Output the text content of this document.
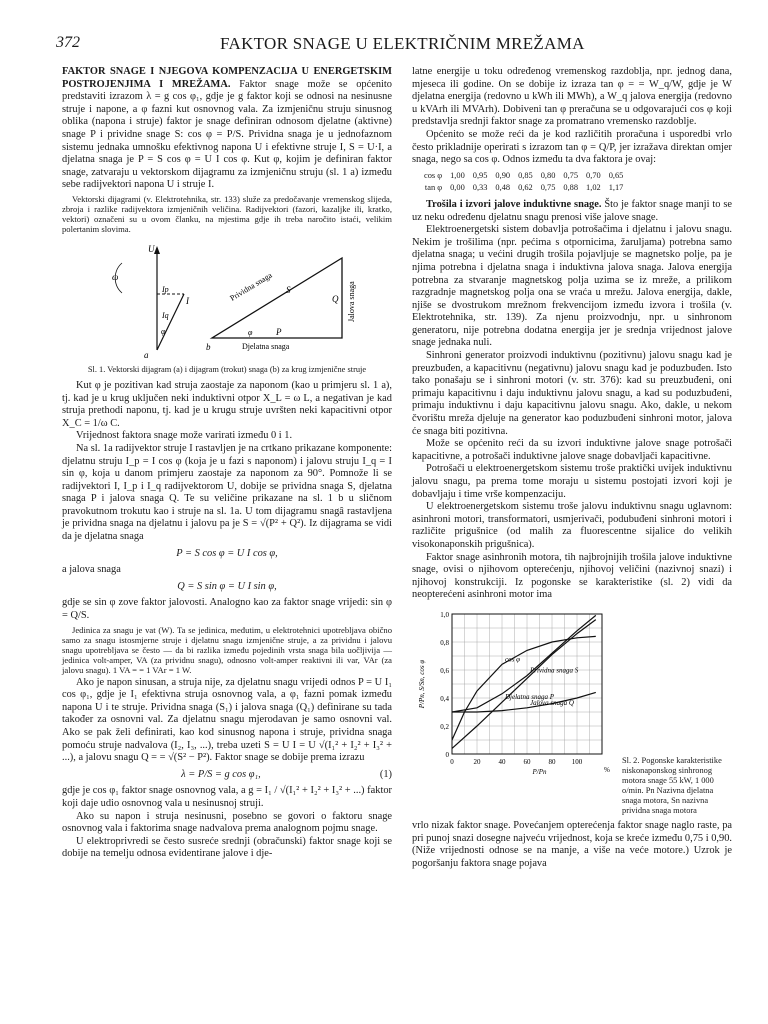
372	FAKTOR SNAGE U ELEKTRIČNIM MREŽAMA

FAKTOR SNAGE I NJEGOVA KOMPENZACIJA U ENERGETSKIM POSTROJENJIMA I MREŽAMA. Faktor snage može se općenito predstaviti izrazom λ = g cos φ₁, gdje je g faktor koji se odnosi na nesinusne struje i napone, a φ fazni kut osnovnog vala. Za izmjeničnu struju sinusnog oblika (napona i struje) faktor je snage definiran odnosom djelatne (aktivne) snage P i prividne snage S: cos φ = P/S. Prividna snaga je u jednofaznom sistemu jednaka umnošku efektivnog napona U i efektivne struje I, S = U·I, a djelatna snaga je P = S cos φ = U I cos φ. Kut φ, kojim je definiran faktor snage, zatvaraju u vektorskom dijagramu za izmjeničnu struju (sl. 1 a) između sebe radijvektori napona U i struje I.

Vektorski dijagrami (v. Elektrotehnika, str. 133) služe za predočavanje vremenskog slijeda, zbroja i razlike radijvektora izmjeničnih veličina. Radijvektori (fazori, kazaljke ili, kratko, vektori) označeni su u ovom članku, na mjestima gdje ih treba naročito istaći, velikim polertanim slovima.

U
I
Ip
Iq
φ
ω
a
Prividna snaga	Jalova snaga
Djelatna snaga
S
Q
P
φ
b
Sl. 1. Vektorski dijagram (a) i dijagram (trokut) snaga (b) za krug izmjenične struje

Kut φ je pozitivan kad struja zaostaje za naponom (kao u primjeru sl. 1 a), tj. kad je u krug uključen neki induktivni otpor X_L = ω L, a negativan je kad struja prethodi naponu, tj. kad je u krugu struje uvršten neki kapacitivni otpor X_C = 1/ω C.

Vrijednost faktora snage može varirati između 0 i 1.

Na sl. 1a radijvektor struje I rastavljen je na crtkano prikazane komponente: djelatnu struju I_p = I cos φ (koja je u fazi s naponom) i jalovu struju I_q = I sin φ, koja u danom primjeru zaostaje za naponom za 90°. Pomnože li se radijvektori I, I_p i I_q radijvektorom U, dobije se prividna snaga S, djelatna snaga P i jalova snaga Q. Te su veličine prikazane na sl. 1 b u sličnom pravokutnom trokutu kao i struje na sl. 1a. U tom dijagramu snagâ rastavljena je prividna snaga na djelatnu i jalovu pa je S = √(P² + Q²). Iz dijagrama se vidi da je djelatna snaga

P = S cos φ = U I cos φ,

a jalova snaga

Q = S sin φ = U I sin φ,

gdje se sin φ zove faktor jalovosti. Analogno kao za faktor snage vrijedi: sin φ = Q/S.

Jedinica za snagu je vat (W). Ta se jedinica, međutim, u elektrotehnici upotrebljava obično samo za snagu istosmjerne struje i djelatnu snagu izmjenične struje, a za prividnu i jalovu snagu upotrebljava se često — da bi razlika između pojedinih vrsta snaga bila uočljivija — jedinica volt-amper, VA (za prividnu snagu), odnosno volt-amper reaktivni ili var, VAr (za jalovu snagu). 1 VA = = 1 VAr = 1 W.

Ako je napon sinusan, a struja nije, za djelatnu snagu vrijedi odnos P = U I₁ cos φ₁, gdje je I₁ efektivna struja osnovnog vala, a φ₁ fazni pomak između napona U i te struje. Prividna snaga (S₁) i jalova snaga (Q₁) definirane su tada također za osnovni val. Za djelatnu snagu mjerodavan je samo osnovni val. Ako se pak želi definirati, kao kod sinusnog napona i struje, prividna snaga pomoću struje nadvalova (I₂, I₃, ...), treba uzeti S = U I = U √(I₁² + I₂² + I₃² + ...), a jalovu snagu Q = = √(S² − P²). Faktor snage se dobije prema izrazu

λ = P/S = g cos φ₁,	(1)

gdje je cos φ₁ faktor snage osnovnog vala, a g = I₁ / √(I₁² + I₂² + I₃² + ...) faktor koji daje udio osnovnog vala u nesinusnoj struji.

Ako su napon i struja nesinusni, posebno se govori o faktoru snage osnovnog vala i faktorima snage nadvalova prema analognom pojmu snage.

U elektroprivredi se često susreće srednji (obračunski) faktor snage koji se dobije na temelju odnosa evidentirane jalove i dje-

latne energije u toku određenog vremenskog razdoblja, npr. jednog dana, mjeseca ili godine. On se dobije iz izraza tan φ = = W_q/W, gdje je W djelatna energija (redovno u kWh ili MWh), a W_q jalova energija (redovno u kVArh ili MVArh). Dobiveni tan φ preračuna se u odgovarajući cos φ koji predstavlja srednji faktor snage za promatrano vremensko razdoblje.

Općenito se može reći da je kod različitih proračuna i usporedbi vrlo često prikladnije operirati s izrazom tan φ = Q/P, jer izražava direktan omjer snaga, nego sa cos φ. Odnos između ta dva faktora je ovaj:

cos φ	1,00	0,95	0,90	0,85	0,80	0,75	0,70	0,65
tan φ	0,00	0,33	0,48	0,62	0,75	0,88	1,02	1,17

Trošila i izvori jalove induktivne snage. Što je faktor snage manji to se uz neku određenu djelatnu snagu prenosi više jalove snage.

Elektroenergetski sistem dobavlja potrošačima i djelatnu i jalovu snagu. Nekim je trošilima (npr. pećima s otpornicima, žaruljama) potrebna samo djelatna snaga; u većini drugih trošila pojavljuje se magnetsko polje, pa je njima potrebna i djelatna snaga i induktivna jalova snaga. Jalova energija potrebna za stvaranje magnetskog polja uzima se iz mreže, a prilikom razgradnje magnetskog polja ona se vraća u mrežu. Jalova energija, dakle, njiše se dvostrukom mrežnom frekvencijom između izvora i trošila (v. Elektrotehnika, str. 139). Za njenu proizvodnju, npr. u sinhronom generatoru, nije potrebna dodatna energija jer je srednja vrijednost jalove snage jednaka nuli.

Sinhroni generator proizvodi induktivnu (pozitivnu) jalovu snagu kad je preuzbuđen, a kapacitivnu (negativnu) jalovu snagu kad je poduzbuđen. Isto tako ponašaju se i sinhroni motori (v. str. 376): kad su preuzbuđeni, oni primaju kapacitivnu i daju induktivnu jalovu snagu, a kad su poduzbuđeni, primaju induktivnu i daju kapacitivnu jalovu snagu. Ako, dakle, u nekom čvorištu mreža djeluje na generator kao poduzbuđeni sinhroni motor, jalova će snaga biti pozitivna.

Može se općenito reći da su izvori induktivne jalove snage potrošači kapacitivne, a potrošači induktivne jalove snage dobavljači kapacitivne.

Potrošači u elektroenergetskom sistemu troše praktički uvijek induktivnu jalovu snagu, pa prema tome moraju u sistemu postojati izvori koji je dobavljaju i time vrše kompenzaciju.

U elektroenergetskom sistemu troše jalovu induktivnu snagu uglavnom: asinhroni motori, transformatori, usmjerivači, podubuđeni sinhroni motori i različite prigušnice (od malih za fluorescentne sijalice do velikih visokonaponskih prigušnica).

Faktor snage asinhronih motora, tih najbrojnijih trošila jalove induktivne snage, ovisi o njihovom opterećenju, njihovoj veličini (nazivnoj snazi) i njihovoj konstrukciji. Iz pogonske se karakteristike (sl. 2) vidi da neopterećeni asinhroni motor ima

0	20	40	60	80 100
%
P/Pn
0
0,2
0,4
0,6
0,8
1,0
P/Pn, S/Sn, cos φ
cos φ
Prividna snaga S
Djelatna snaga P
Jalova snaga Q
Sl. 2. Pogonske karakteristike niskonaponskog sinhronog motora snage 55 kW, 1 000 o/min. Pn Nazivna djelatna snaga motora, Sn nazivna prividna snaga motora

vrlo nizak faktor snage. Povećanjem opterećenja faktor snage naglo raste, pa pri punoj snazi dosegne najveću vrijednost, koja se kreće između 0,75 i 0,90. (Niže vrijednosti odnose se na manje, a više na veće motore.) Uzrok je pogoršanju faktora snage pojava
